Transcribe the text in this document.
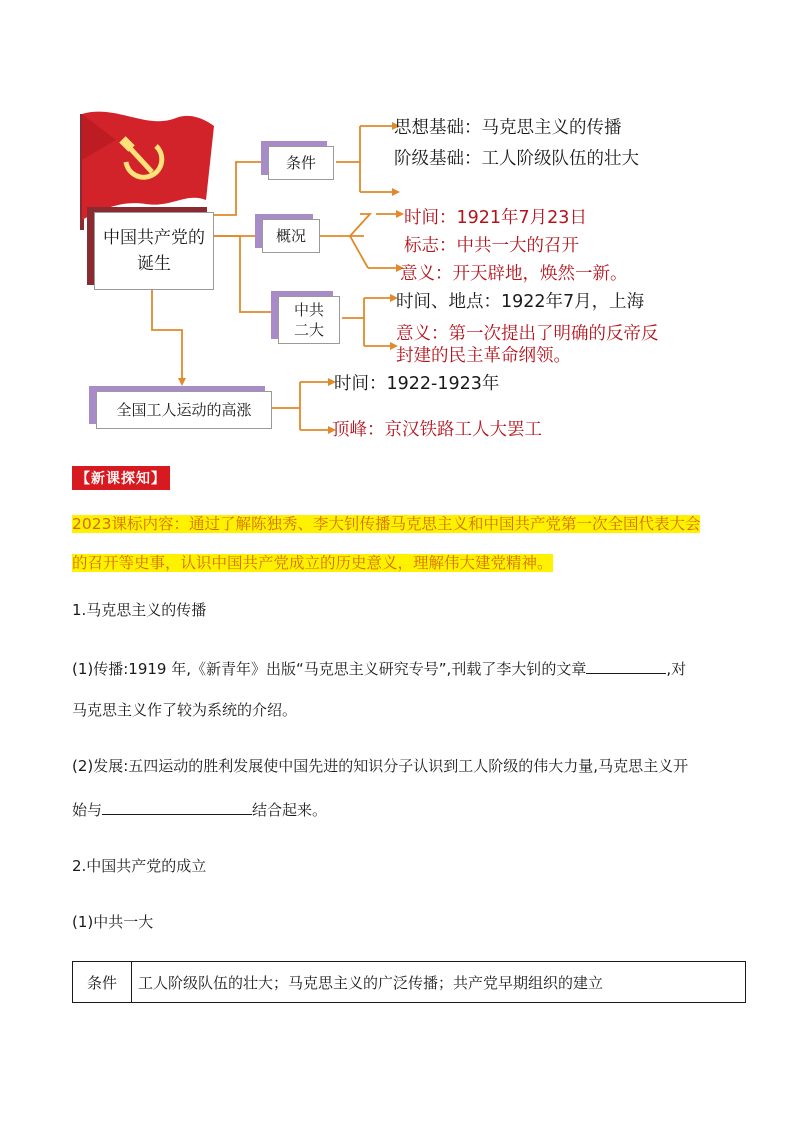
中国共产党的诞生
条件
概况
中共
二大
全国工人运动的高涨
思想基础：马克思主义的传播
阶级基础：工人阶级队伍的壮大
时间：1921年7月23日
标志：中共一大的召开
意义：开天辟地，焕然一新。
时间、地点：1922年7月，上海
意义：第一次提出了明确的反帝反
封建的民主革命纲领。
时间：1922-1923年
顶峰：京汉铁路工人大罢工
【新课探知】
2023课标内容：通过了解陈独秀、李大钊传播马克思主义和中国共产党第一次全国代表大会
的召开等史事，认识中国共产党成立的历史意义，理解伟大建党精神。
1.马克思主义的传播
(1)传播:1919 年,《新青年》出版“马克思主义研究专号”,刊载了李大钊的文章	,对
马克思主义作了较为系统的介绍。
(2)发展:五四运动的胜利发展使中国先进的知识分子认识到工人阶级的伟大力量,马克思主义开
始与	结合起来。
2.中国共产党的成立
(1)中共一大
条件	工人阶级队伍的壮大；马克思主义的广泛传播；共产党早期组织的建立
